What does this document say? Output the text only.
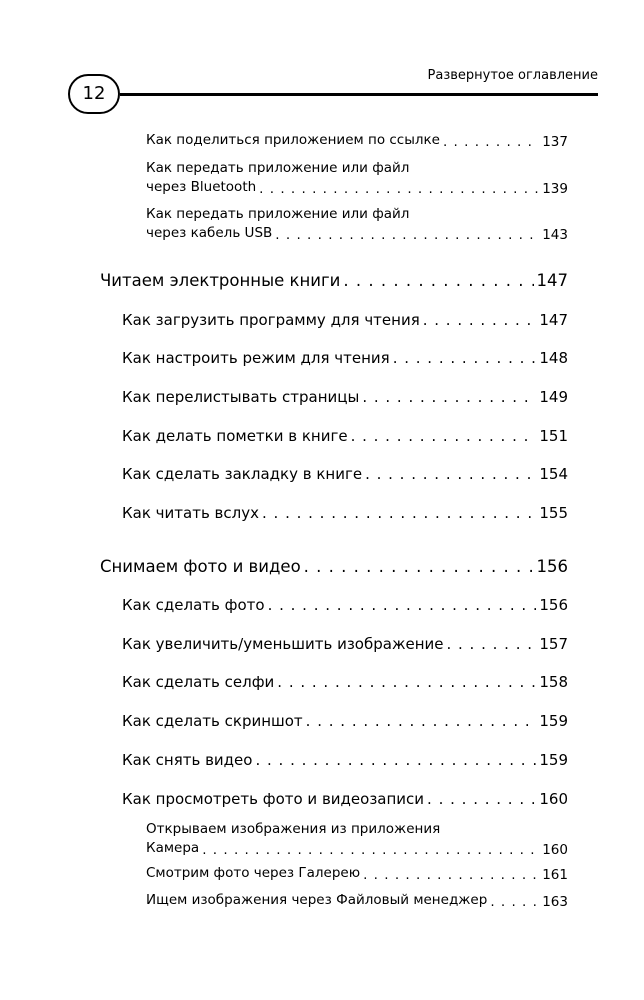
12
Развернутое оглавление
Как поделиться приложением по ссылке . . .	137
Как передать приложение или файл
через Bluetooth . . .	139
Как передать приложение или файл
через кабель USB . . .	143
Читаем электронные книги . . .	147
Как загрузить программу для чтения . . .	147
Как настроить режим для чтения . . .	148
Как перелистывать страницы . . .	149
Как делать пометки в книге . . .	151
Как сделать закладку в книге . . .	154
Как читать вслух . . .	155
Снимаем фото и видео . . .	156
Как сделать фото . . .	156
Как увеличить/уменьшить изображение . . .	157
Как сделать селфи . . .	158
Как сделать скриншот . . .	159
Как снять видео . . .	159
Как просмотреть фото и видеозаписи . . .	160
Открываем изображения из приложения
Камера . . .	160
Смотрим фото через Галерею . . .	161
Ищем изображения через Файловый менеджер . . .	163
